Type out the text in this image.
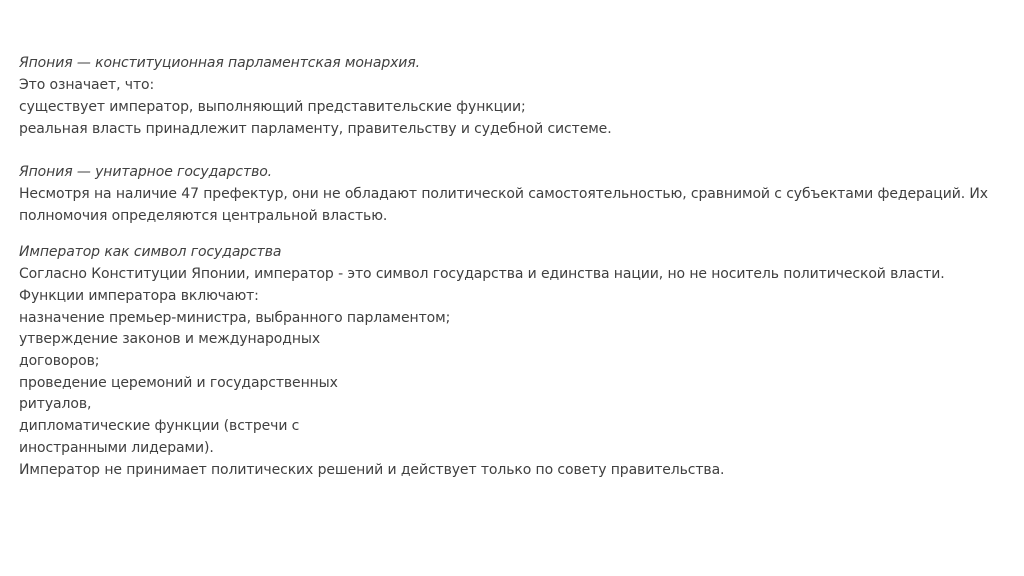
Япония — конституционная парламентская монархия.
Это означает, что:
существует император, выполняющий представительские функции;
реальная власть принадлежит парламенту, правительству и судебной системе.
Япония — унитарное государство.
Несмотря на наличие 47 префектур, они не обладают политической самостоятельностью, сравнимой с субъектами федераций. Их
полномочия определяются центральной властью.
Император как символ государства
Согласно Конституции Японии, император - это символ государства и единства нации, но не носитель политической власти.
Функции императора включают:
назначение премьер-министра, выбранного парламентом;
утверждение законов и международных
договоров;
проведение церемоний и государственных
ритуалов,
дипломатические функции (встречи с
иностранными лидерами).
Император не принимает политических решений и действует только по совету правительства.
